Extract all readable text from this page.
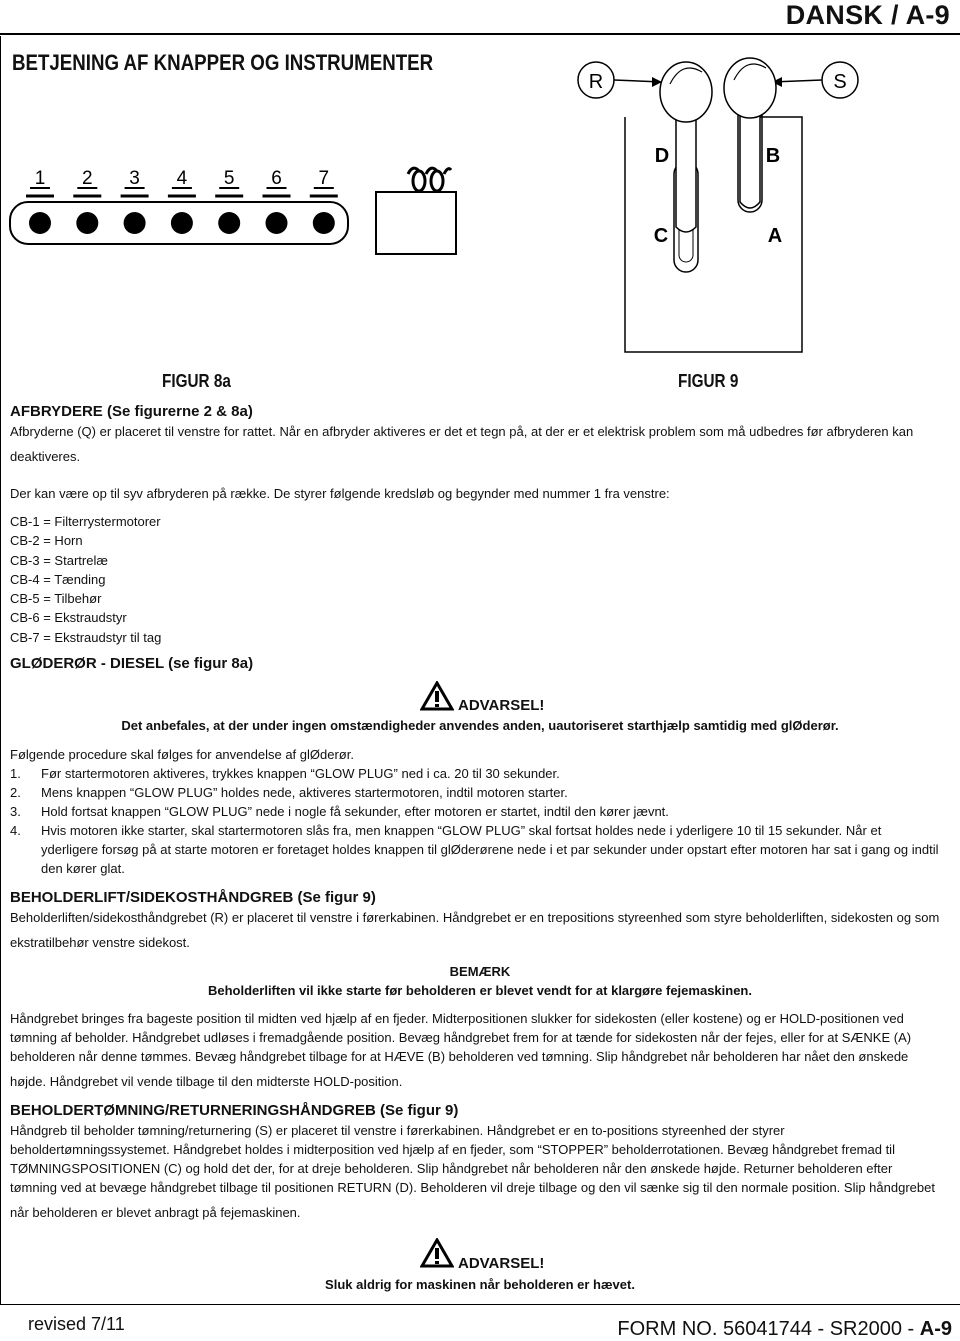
DANSK / A-9
BETJENING AF KNAPPER OG INSTRUMENTER
1 2 3 4 5 6 7
FIGUR 8a
R	S
D	B
C	A
FIGUR 9
AFBRYDERE (Se figurerne 2 & 8a)
Afbryderne (Q) er placeret til venstre for rattet. Når en afbryder aktiveres er det et tegn på, at der er et elektrisk problem som må udbedres før afbryderen kan
deaktiveres.
Der kan være op til syv afbryderen på række. De styrer følgende kredsløb og begynder med nummer 1 fra venstre:
CB-1 = Filterrystermotorer
CB-2 = Horn
CB-3 = Startrelæ
CB-4 = Tænding
CB-5 = Tilbehør
CB-6 = Ekstraudstyr
CB-7 = Ekstraudstyr til tag
GLØDERØR - DIESEL (se figur 8a)
ADVARSEL!
Det anbefales, at der under ingen omstændigheder anvendes anden, uautoriseret starthjælp samtidig med glØderør.
Følgende procedure skal følges for anvendelse af glØderør.
1. Før startermotoren aktiveres, trykkes knappen “GLOW PLUG” ned i ca. 20 til 30 sekunder.
2. Mens knappen “GLOW PLUG” holdes nede, aktiveres startermotoren, indtil motoren starter.
3. Hold fortsat knappen “GLOW PLUG” nede i nogle få sekunder, efter motoren er startet, indtil den kører jævnt.
4. Hvis motoren ikke starter, skal startermotoren slås fra, men knappen “GLOW PLUG” skal fortsat holdes nede i yderligere 10 til 15 sekunder. Når et
yderligere forsøg på at starte motoren er foretaget holdes knappen til glØderørene nede i et par sekunder under opstart efter motoren har sat i gang og indtil
den kører glat.
BEHOLDERLIFT/SIDEKOSTHÅNDGREB (Se figur 9)
Beholderliften/sidekosthåndgrebet (R) er placeret til venstre i førerkabinen. Håndgrebet er en trepositions styreenhed som styre beholderliften, sidekosten og som
ekstratilbehør venstre sidekost.
BEMÆRK
Beholderliften vil ikke starte før beholderen er blevet vendt for at klargøre fejemaskinen.
Håndgrebet bringes fra bageste position til midten ved hjælp af en fjeder. Midterpositionen slukker for sidekosten (eller kostene) og er HOLD-positionen ved
tømning af beholder. Håndgrebet udløses i fremadgående position. Bevæg håndgrebet frem for at tænde for sidekosten når der fejes, eller for at SÆNKE (A)
beholderen når denne tømmes. Bevæg håndgrebet tilbage for at HÆVE (B) beholderen ved tømning. Slip håndgrebet når beholderen har nået den ønskede
højde. Håndgrebet vil vende tilbage til den midterste HOLD-position.
BEHOLDERTØMNING/RETURNERINGSHÅNDGREB (Se figur 9)
Håndgreb til beholder tømning/returnering (S) er placeret til venstre i førerkabinen. Håndgrebet er en to-positions styreenhed der styrer
beholdertømningssystemet. Håndgrebet holdes i midterposition ved hjælp af en fjeder, som “STOPPER” beholderrotationen. Bevæg håndgrebet fremad til
TØMNINGSPOSITIONEN (C) og hold det der, for at dreje beholderen. Slip håndgrebet når beholderen når den ønskede højde. Returner beholderen efter
tømning ved at bevæge håndgrebet tilbage til positionen RETURN (D). Beholderen vil dreje tilbage og den vil sænke sig til den normale position. Slip håndgrebet
når beholderen er blevet anbragt på fejemaskinen.
ADVARSEL!
Sluk aldrig for maskinen når beholderen er hævet.
revised 7/11	FORM NO. 56041744 - SR2000 - A-9
